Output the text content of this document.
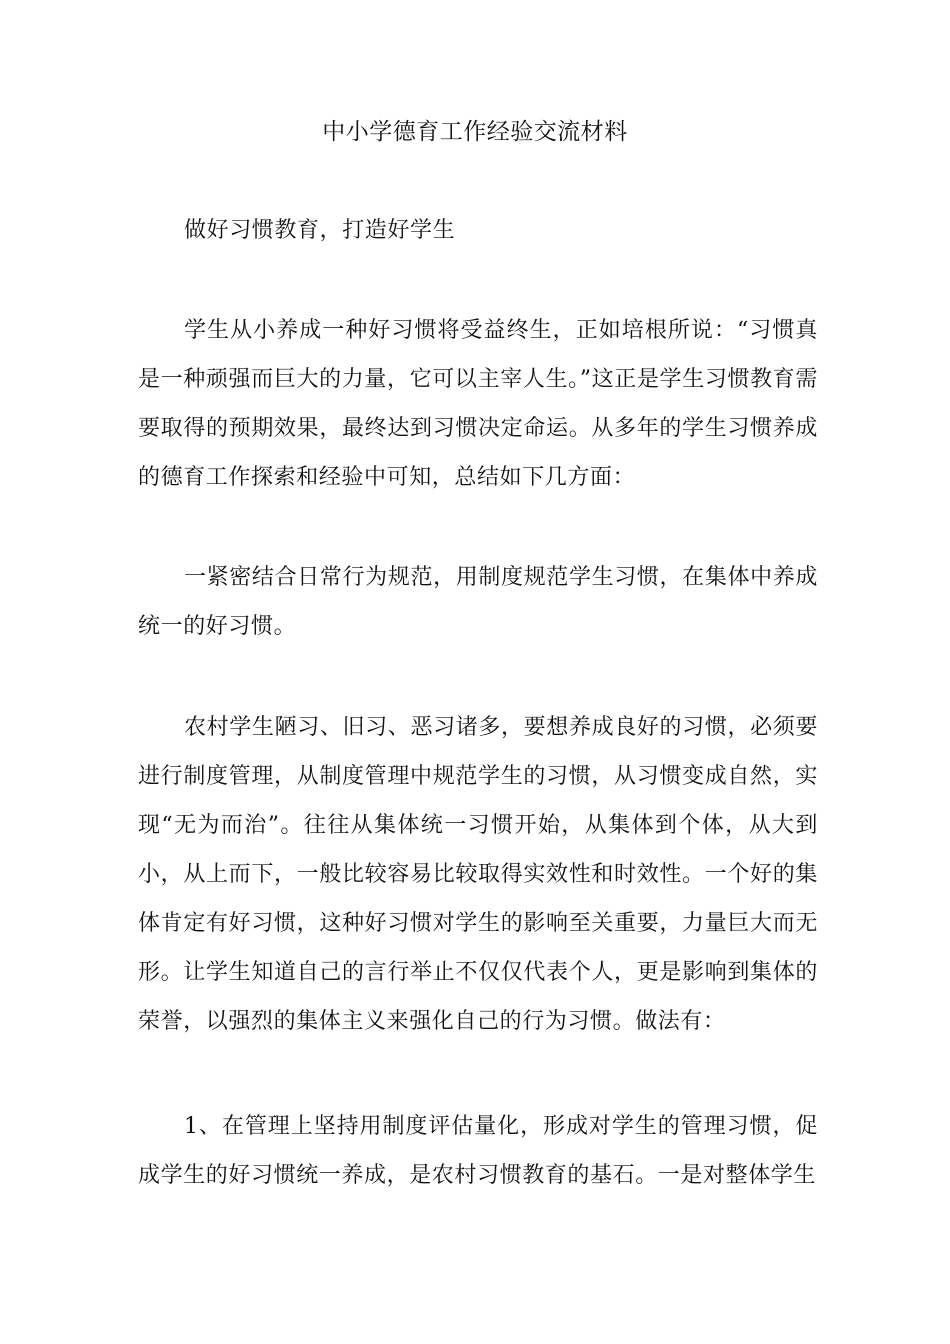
中小学德育工作经验交流材料

做好习惯教育，打造好学生

学生从小养成一种好习惯将受益终生，正如培根所说：“习惯真是一种顽强而巨大的力量，它可以主宰人生。”这正是学生习惯教育需要取得的预期效果，最终达到习惯决定命运。从多年的学生习惯养成的德育工作探索和经验中可知，总结如下几方面：

一紧密结合日常行为规范，用制度规范学生习惯，在集体中养成统一的好习惯。

农村学生陋习、旧习、恶习诸多，要想养成良好的习惯，必须要进行制度管理，从制度管理中规范学生的习惯，从习惯变成自然，实现“无为而治”。往往从集体统一习惯开始，从集体到个体，从大到小，从上而下，一般比较容易比较取得实效性和时效性。一个好的集体肯定有好习惯，这种好习惯对学生的影响至关重要，力量巨大而无形。让学生知道自己的言行举止不仅仅代表个人，更是影响到集体的荣誉，以强烈的集体主义来强化自己的行为习惯。做法有：

1、在管理上坚持用制度评估量化，形成对学生的管理习惯，促成学生的好习惯统一养成，是农村习惯教育的基石。一是对整体学生
